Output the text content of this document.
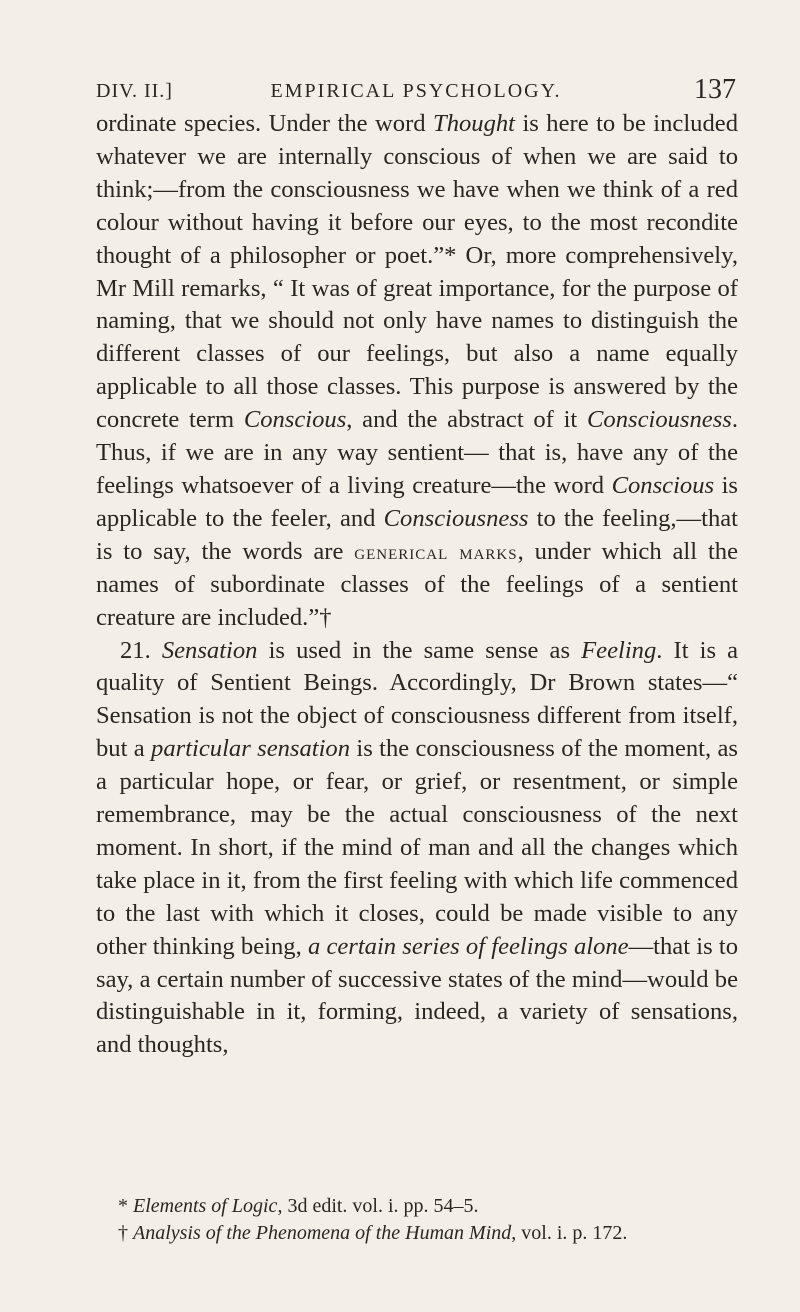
DIV. II.]	EMPIRICAL PSYCHOLOGY.	137

ordinate species. Under the word Thought is here to be included whatever we are internally conscious of when we are said to think;—from the consciousness we have when we think of a red colour without having it before our eyes, to the most recondite thought of a philosopher or poet.”* Or, more comprehensively, Mr Mill remarks, “ It was of great importance, for the purpose of naming, that we should not only have names to distinguish the different classes of our feelings, but also a name equally applicable to all those classes. This purpose is answered by the concrete term Conscious, and the abstract of it Consciousness. Thus, if we are in any way sentient— that is, have any of the feelings whatsoever of a living creature—the word Conscious is applicable to the feeler, and Consciousness to the feeling,—that is to say, the words are generical marks, under which all the names of subordinate classes of the feelings of a sentient creature are included.”†

21. Sensation is used in the same sense as Feeling. It is a quality of Sentient Beings. Accordingly, Dr Brown states—“ Sensation is not the object of consciousness different from itself, but a particular sensation is the consciousness of the moment, as a particular hope, or fear, or grief, or resentment, or simple remembrance, may be the actual consciousness of the next moment. In short, if the mind of man and all the changes which take place in it, from the first feeling with which life commenced to the last with which it closes, could be made visible to any other thinking being, a certain series of feelings alone—that is to say, a certain number of successive states of the mind—would be distinguishable in it, forming, indeed, a variety of sensations, and thoughts,

* Elements of Logic, 3d edit. vol. i. pp. 54–5.

† Analysis of the Phenomena of the Human Mind, vol. i. p. 172.
